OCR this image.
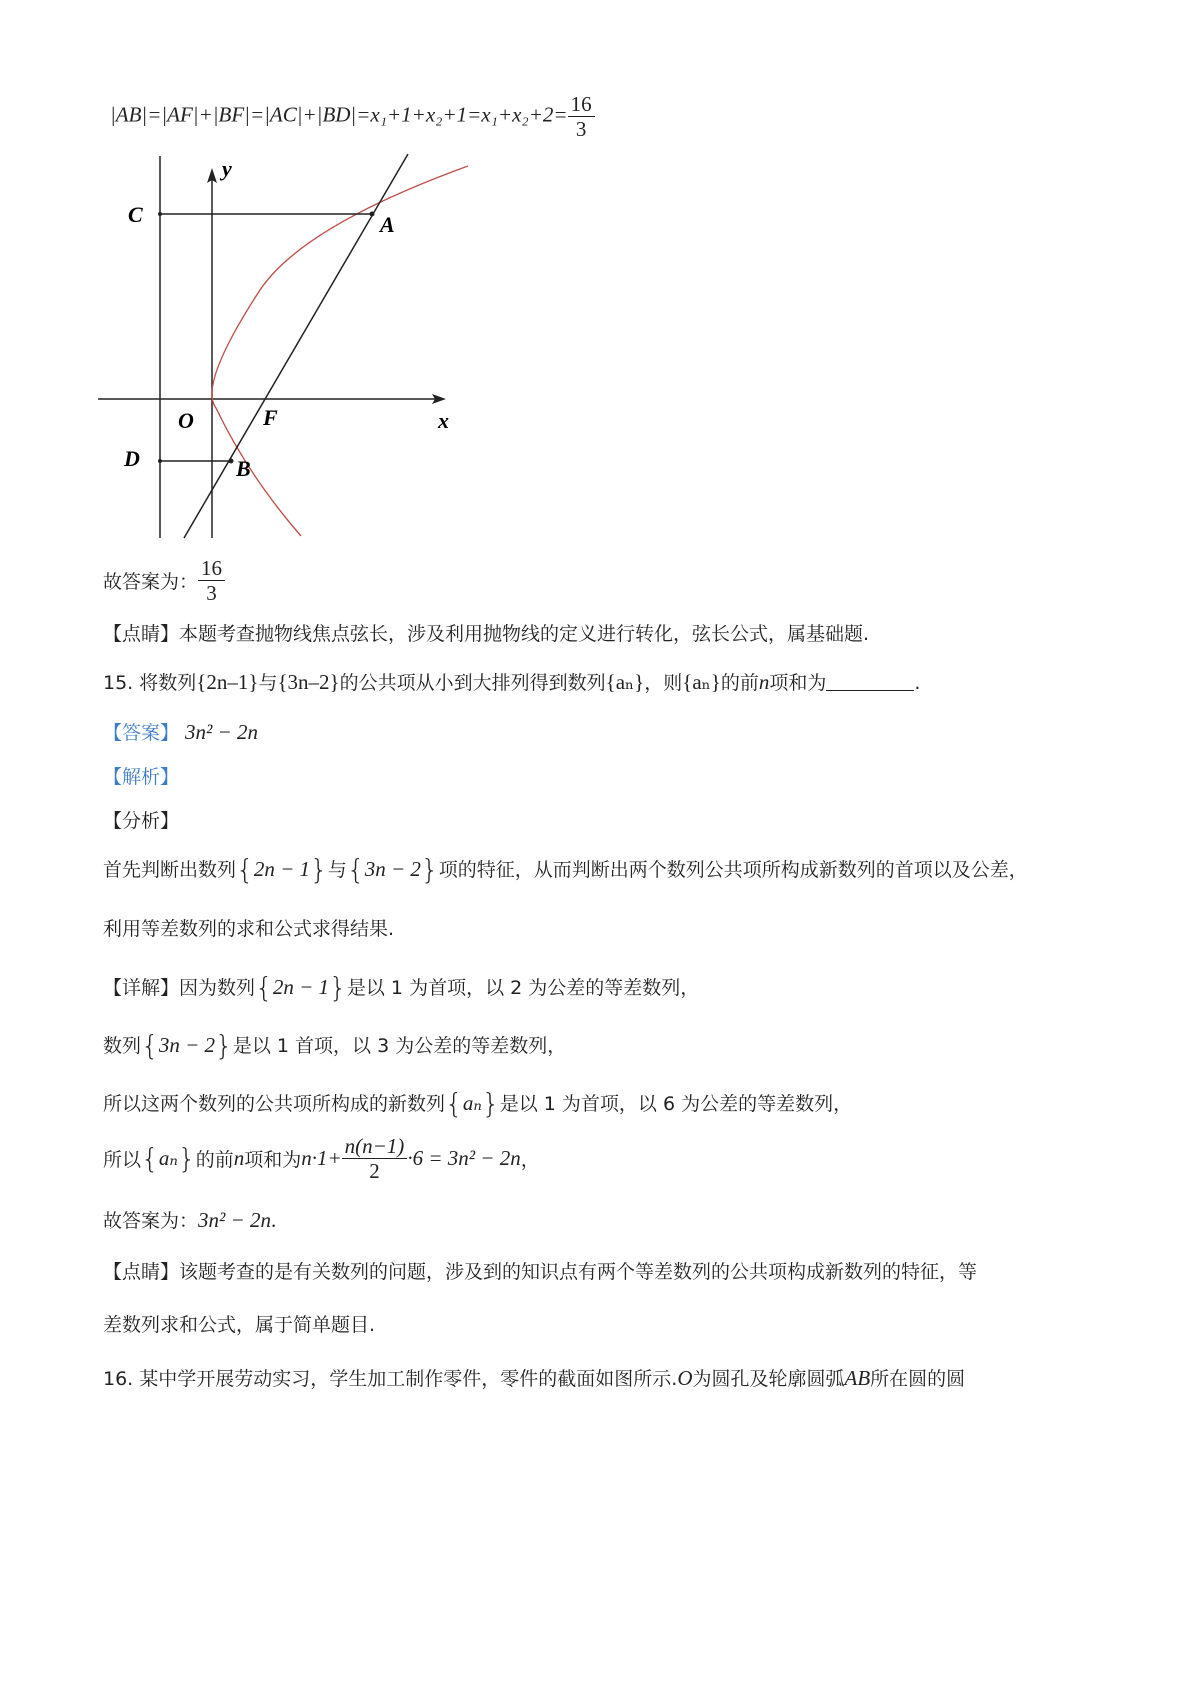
$|AB|=|AF|+|BF|=|AC|+|BD|=x_1+1+x_2+1=x_1+x_2+2= \frac{16}{3}$
C	A
y
O	F	x
D	B
故答案为： $\frac{16}{3}$
【点睛】本题考查抛物线焦点弦长，涉及利用抛物线的定义进行转化，弦长公式，属基础题.
15. 将数列{2n–1}与{3n–2}的公共项从小到大排列得到数列{aₙ}，则{aₙ}的前n项和为	.
【答案】 3n² − 2n
【解析】
【分析】
首先判断出数列{2n − 1}与{3n − 2}项的特征，从而判断出两个数列公共项所构成新数列的首项以及公差，
利用等差数列的求和公式求得结果.
【详解】因为数列{2n − 1}是以 1 为首项，以 2 为公差的等差数列，
数列{3n − 2}是以 1 首项，以 3 为公差的等差数列，
所以这两个数列的公共项所构成的新数列{aₙ}是以 1 为首项，以 6 为公差的等差数列，
所以{aₙ}的前n项和为$n\cdot 1+ \frac{n(n-1)}{2} \cdot 6 = 3n^2 - 2n$，
故答案为：3n² − 2n.
【点睛】该题考查的是有关数列的问题，涉及到的知识点有两个等差数列的公共项构成新数列的特征，等
差数列求和公式，属于简单题目.
16. 某中学开展劳动实习，学生加工制作零件，零件的截面如图所示.O为圆孔及轮廓圆弧AB所在圆的圆
